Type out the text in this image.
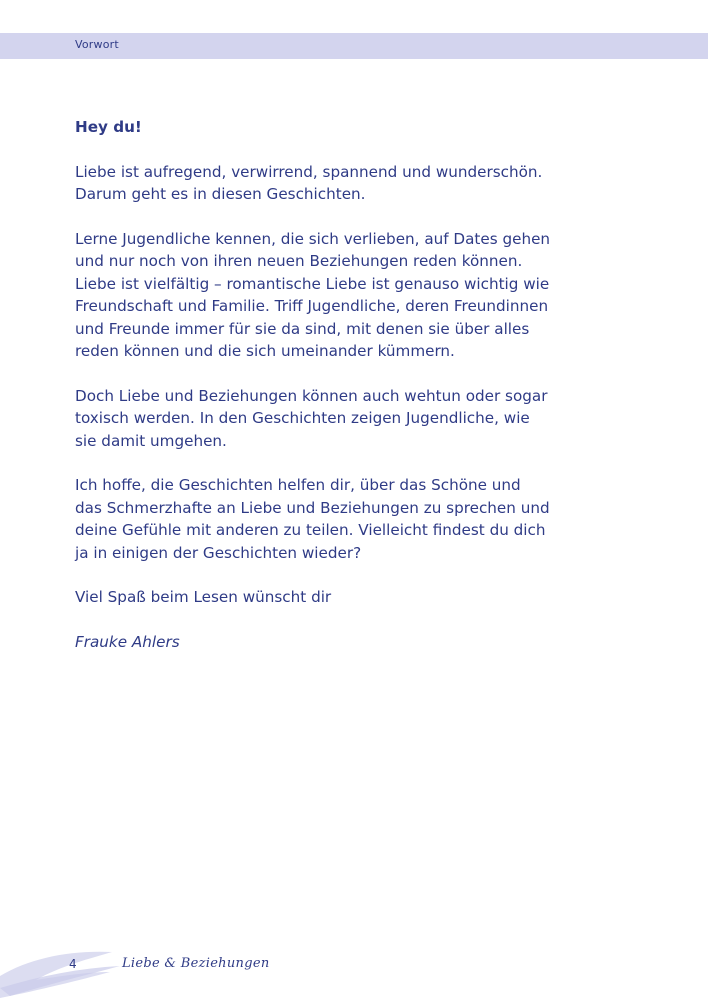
Vorwort

Hey du!

Liebe ist aufregend, verwirrend, spannend und wunderschön.
Darum geht es in diesen Geschichten.

Lerne Jugendliche kennen, die sich verlieben, auf Dates gehen
und nur noch von ihren neuen Beziehungen reden können.
Liebe ist vielfältig – romantische Liebe ist genauso wichtig wie
Freundschaft und Familie. Triff Jugendliche, deren Freundinnen
und Freunde immer für sie da sind, mit denen sie über alles
reden können und die sich umeinander kümmern.

Doch Liebe und Beziehungen können auch wehtun oder sogar
toxisch werden. In den Geschichten zeigen Jugendliche, wie
sie damit umgehen.

Ich hoffe, die Geschichten helfen dir, über das Schöne und
das Schmerzhafte an Liebe und Beziehungen zu sprechen und
deine Gefühle mit anderen zu teilen. Vielleicht findest du dich
ja in einigen der Geschichten wieder?

Viel Spaß beim Lesen wünscht dir

Frauke Ahlers

4	Liebe & Beziehungen
